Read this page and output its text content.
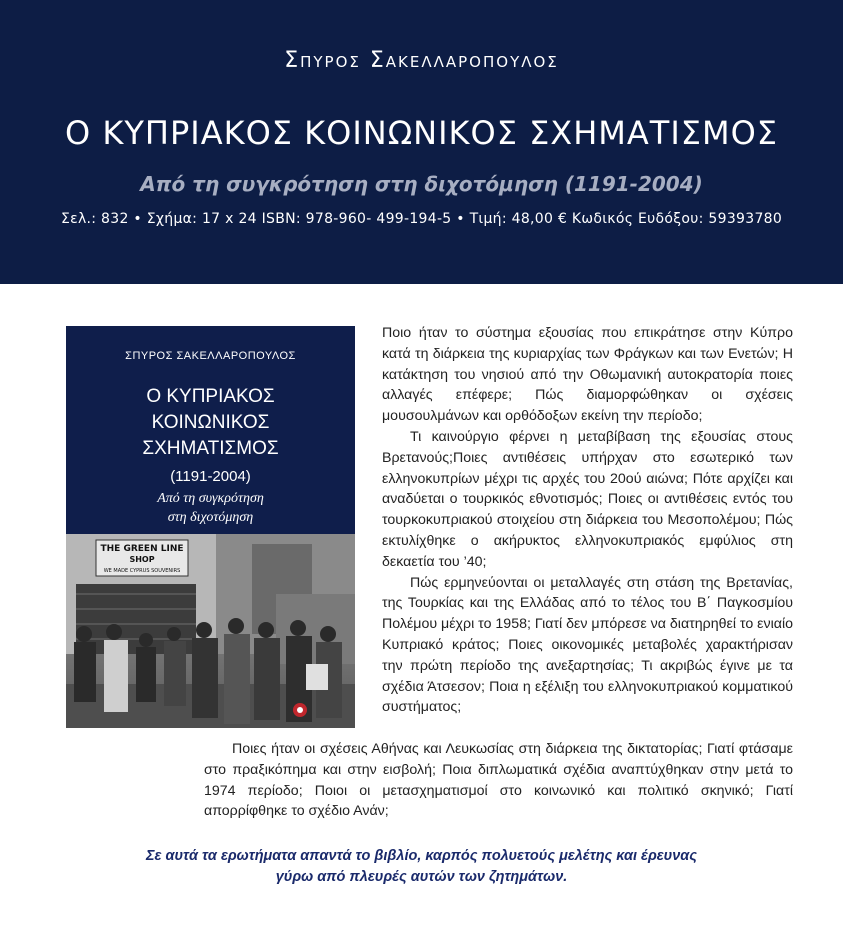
Σπυρος Σακελλαροπουλος
Ο ΚΥΠΡΙΑΚΟΣ ΚΟΙΝΩΝΙΚΟΣ ΣΧΗΜΑΤΙΣΜΟΣ
Από τη συγκρότηση στη διχοτόμηση (1191-2004)
Σελ.: 832 • Σχήμα: 17 x 24 ISBN: 978-960- 499-194-5 • Τιμή: 48,00 € Κωδικός Ευδόξου: 59393780
ΣΠΥΡΟΣ ΣΑΚΕΛΛΑΡΟΠΟΥΛΟΣ
Ο ΚΥΠΡΙΑΚΟΣ
ΚΟΙΝΩΝΙΚΟΣ
ΣΧΗΜΑΤΙΣΜΟΣ
(1191-2004)
Από τη συγκρότηση
στη διχοτόμηση
THE GREEN LINE
SHOP
WE MADE CYPRUS SOUVENIRS

Ποιο ήταν το σύστημα εξουσίας που επικράτησε στην Κύπρο κατά τη διάρκεια της κυριαρχίας των Φράγκων και των Ενετών; Η κατάκτηση του νησιού από την Οθωμανική αυτοκρατορία ποιες αλλαγές επέφερε; Πώς διαμορφώθηκαν οι σχέσεις μουσουλμάνων και ορθόδοξων εκείνη την περίοδο;

Τι καινούργιο φέρνει η μεταβίβαση της εξουσίας στους Βρετανούς;Ποιες αντιθέσεις υπήρχαν στο εσωτερικό των ελληνοκυπρίων μέχρι τις αρχές του 20ού αιώνα; Πότε αρχίζει και αναδύεται ο τουρκικός εθνοτισμός; Ποιες οι αντιθέσεις εντός του τουρκοκυπριακού στοιχείου στη διάρκεια του Μεσοπολέμου; Πώς εκτυλίχθηκε ο ακήρυκτος ελληνοκυπριακός εμφύλιος στη δεκαετία του ’40;

Πώς ερμηνεύονται οι μεταλλαγές στη στάση της Βρετανίας, της Τουρκίας και της Ελλάδας από το τέλος του Β΄ Παγκοσμίου Πολέμου μέχρι το 1958; Γιατί δεν μπόρεσε να διατηρηθεί το ενιαίο Κυπριακό κράτος; Ποιες οικονομικές μεταβολές χαρακτήρισαν την πρώτη περίοδο της ανεξαρτησίας; Τι ακριβώς έγινε με τα σχέδια Άτσεσον; Ποια η εξέλιξη του ελληνοκυπριακού κομματικού συστήματος;

Ποιες ήταν οι σχέσεις Αθήνας και Λευκωσίας στη διάρκεια της δικτατορίας; Γιατί φτάσαμε στο πραξικόπημα και στην εισβολή; Ποια διπλωματικά σχέδια αναπτύχθηκαν στην μετά το 1974 περίοδο; Ποιοι οι μετασχηματισμοί στο κοινωνικό και πολιτικό σκηνικό; Γιατί απορρίφθηκε το σχέδιο Ανάν;

Σε αυτά τα ερωτήματα απαντά το βιβλίο, καρπός πολυετούς μελέτης και έρευνας
γύρω από πλευρές αυτών των ζητημάτων.
